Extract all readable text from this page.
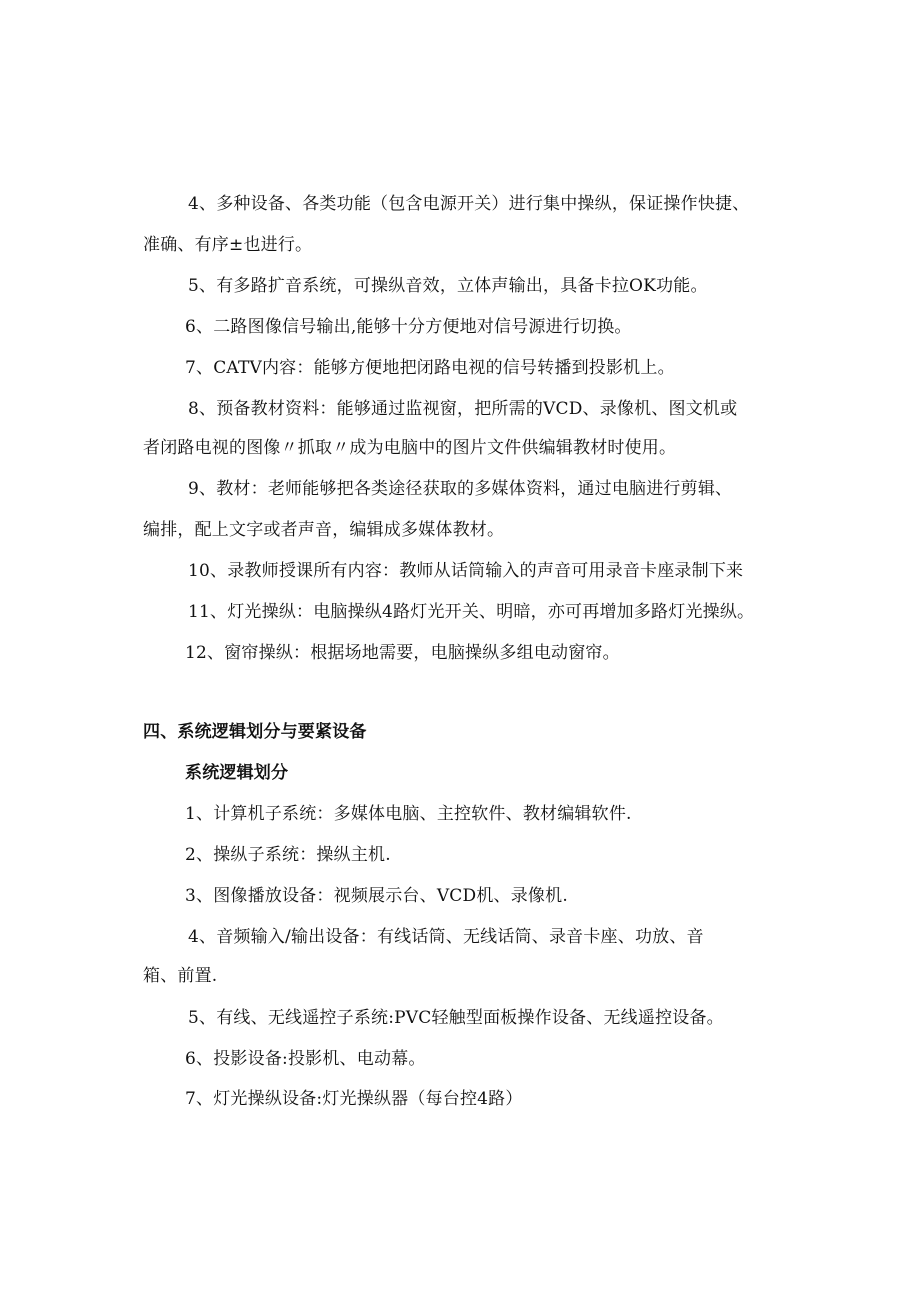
4、多种设备、各类功能（包含电源开关）进行集中操纵，保证操作快捷、
准确、有序±也进行。
5、有多路扩音系统，可操纵音效，立体声输出，具备卡拉OK功能。
6、二路图像信号输出,能够十分方便地对信号源进行切换。
7、CATV内容：能够方便地把闭路电视的信号转播到投影机上。
8、预备教材资料：能够通过监视窗，把所需的VCD、录像机、图文机或
者闭路电视的图像〃抓取〃成为电脑中的图片文件供编辑教材时使用。
9、教材：老师能够把各类途径获取的多媒体资料，通过电脑进行剪辑、
编排，配上文字或者声音，编辑成多媒体教材。
10、录教师授课所有内容：教师从话筒输入的声音可用录音卡座录制下来
11、灯光操纵：电脑操纵4路灯光开关、明暗，亦可再增加多路灯光操纵。
12、窗帘操纵：根据场地需要，电脑操纵多组电动窗帘。
四、系统逻辑划分与要紧设备
系统逻辑划分
1、计算机子系统：多媒体电脑、主控软件、教材编辑软件.
2、操纵子系统：操纵主机.
3、图像播放设备：视频展示台、VCD机、录像机.
4、音频输入/输出设备：有线话筒、无线话筒、录音卡座、功放、音
箱、前置.
5、有线、无线遥控子系统:PVC轻触型面板操作设备、无线遥控设备。
6、投影设备:投影机、电动幕。
7、灯光操纵设备:灯光操纵器（每台控4路）
